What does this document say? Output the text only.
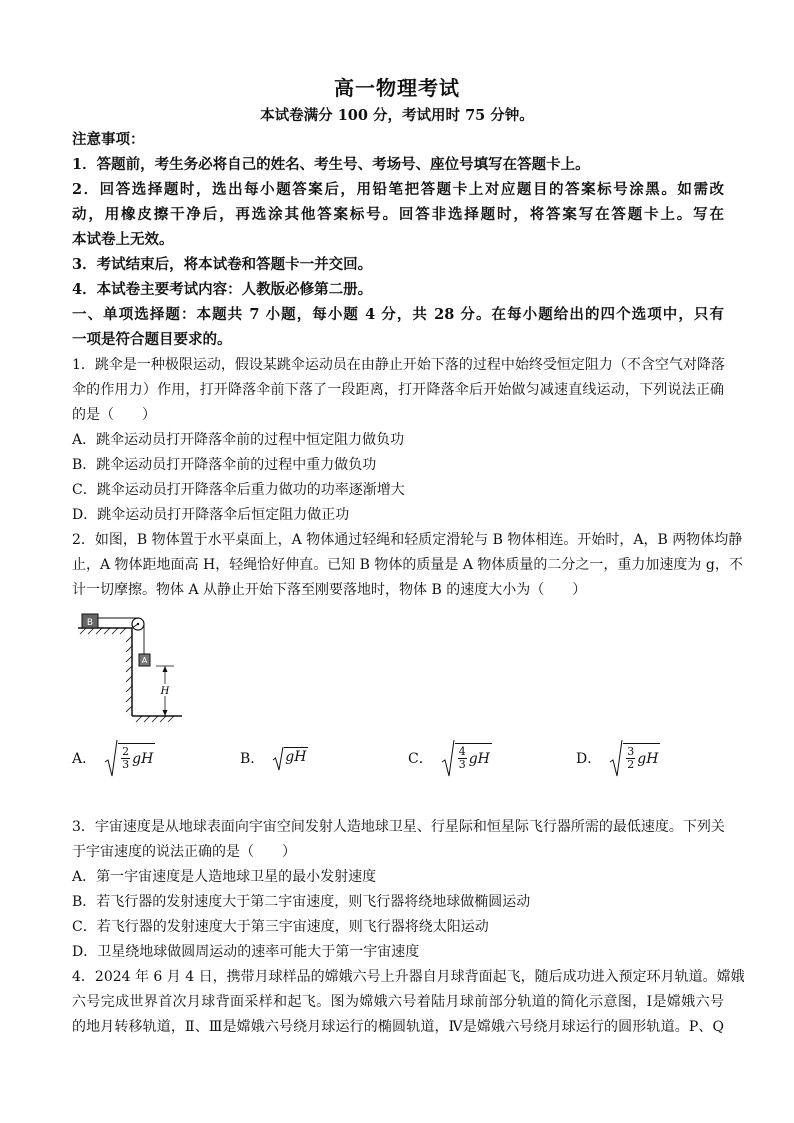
高一物理考试
本试卷满分 100 分，考试用时 75 分钟。
注意事项：
1．答题前，考生务必将自己的姓名、考生号、考场号、座位号填写在答题卡上。
2．回答选择题时，选出每小题答案后，用铅笔把答题卡上对应题目的答案标号涂黑。如需改
动，用橡皮擦干净后，再选涂其他答案标号。回答非选择题时，将答案写在答题卡上。写在
本试卷上无效。
3．考试结束后，将本试卷和答题卡一并交回。
4．本试卷主要考试内容：人教版必修第二册。
一、单项选择题：本题共 7 小题，每小题 4 分，共 28 分。在每小题给出的四个选项中，只有
一项是符合题目要求的。
1．跳伞是一种极限运动，假设某跳伞运动员在由静止开始下落的过程中始终受恒定阻力（不含空气对降落
伞的作用力）作用，打开降落伞前下落了一段距离，打开降落伞后开始做匀减速直线运动，下列说法正确
的是（　　）
A．跳伞运动员打开降落伞前的过程中恒定阻力做负功
B．跳伞运动员打开降落伞前的过程中重力做负功
C．跳伞运动员打开降落伞后重力做功的功率逐渐增大
D．跳伞运动员打开降落伞后恒定阻力做正功
2．如图，B 物体置于水平桌面上，A 物体通过轻绳和轻质定滑轮与 B 物体相连。开始时，A，B 两物体均静
止，A 物体距地面高 H，轻绳恰好伸直。已知 B 物体的质量是 A 物体质量的二分之一，重力加速度为 g，不
计一切摩擦。物体 A 从静止开始下落至刚要落地时，物体 B 的速度大小为（　　）
B
A
H
A． $\frac{2}{3}$ gH	B． gH	C． $\frac{4}{3}$ gH	D． $\frac{3}{2}$ gH
3．宇宙速度是从地球表面向宇宙空间发射人造地球卫星、行星际和恒星际飞行器所需的最低速度。下列关
于宇宙速度的说法正确的是（　　）
A．第一宇宙速度是人造地球卫星的最小发射速度
B．若飞行器的发射速度大于第二宇宙速度，则飞行器将绕地球做椭圆运动
C．若飞行器的发射速度大于第三宇宙速度，则飞行器将绕太阳运动
D．卫星绕地球做圆周运动的速率可能大于第一宇宙速度
4．2024 年 6 月 4 日，携带月球样品的嫦娥六号上升器自月球背面起飞，随后成功进入预定环月轨道。嫦娥
六号完成世界首次月球背面采样和起飞。图为嫦娥六号着陆月球前部分轨道的简化示意图，Ⅰ是嫦娥六号
的地月转移轨道，Ⅱ、Ⅲ是嫦娥六号绕月球运行的椭圆轨道，Ⅳ是嫦娥六号绕月球运行的圆形轨道。P、Q
